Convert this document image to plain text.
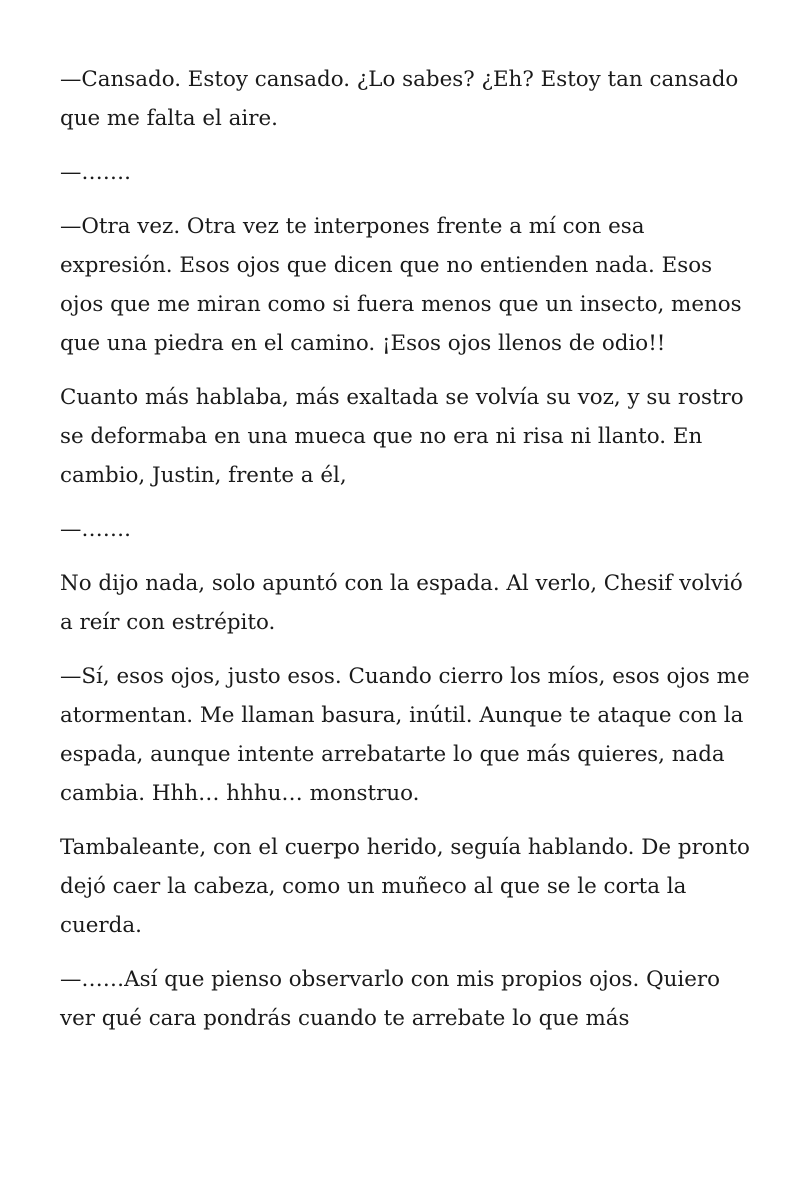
—Cansado. Estoy cansado. ¿Lo sabes? ¿Eh? Estoy tan cansado que me falta el aire.

—…….

—Otra vez. Otra vez te interpones frente a mí con esa expresión. Esos ojos que dicen que no entienden nada. Esos ojos que me miran como si fuera menos que un insecto, menos que una piedra en el camino. ¡Esos ojos llenos de odio!!

Cuanto más hablaba, más exaltada se volvía su voz, y su rostro se deformaba en una mueca que no era ni risa ni llanto. En cambio, Justin, frente a él,

—…….

No dijo nada, solo apuntó con la espada. Al verlo, Chesif volvió a reír con estrépito.

—Sí, esos ojos, justo esos. Cuando cierro los míos, esos ojos me atormentan. Me llaman basura, inútil. Aunque te ataque con la espada, aunque intente arrebatarte lo que más quieres, nada cambia. Hhh… hhhu… monstruo.

Tambaleante, con el cuerpo herido, seguía hablando. De pronto dejó caer la cabeza, como un muñeco al que se le corta la cuerda.

—……Así que pienso observarlo con mis propios ojos. Quiero ver qué cara pondrás cuando te arrebate lo que más
